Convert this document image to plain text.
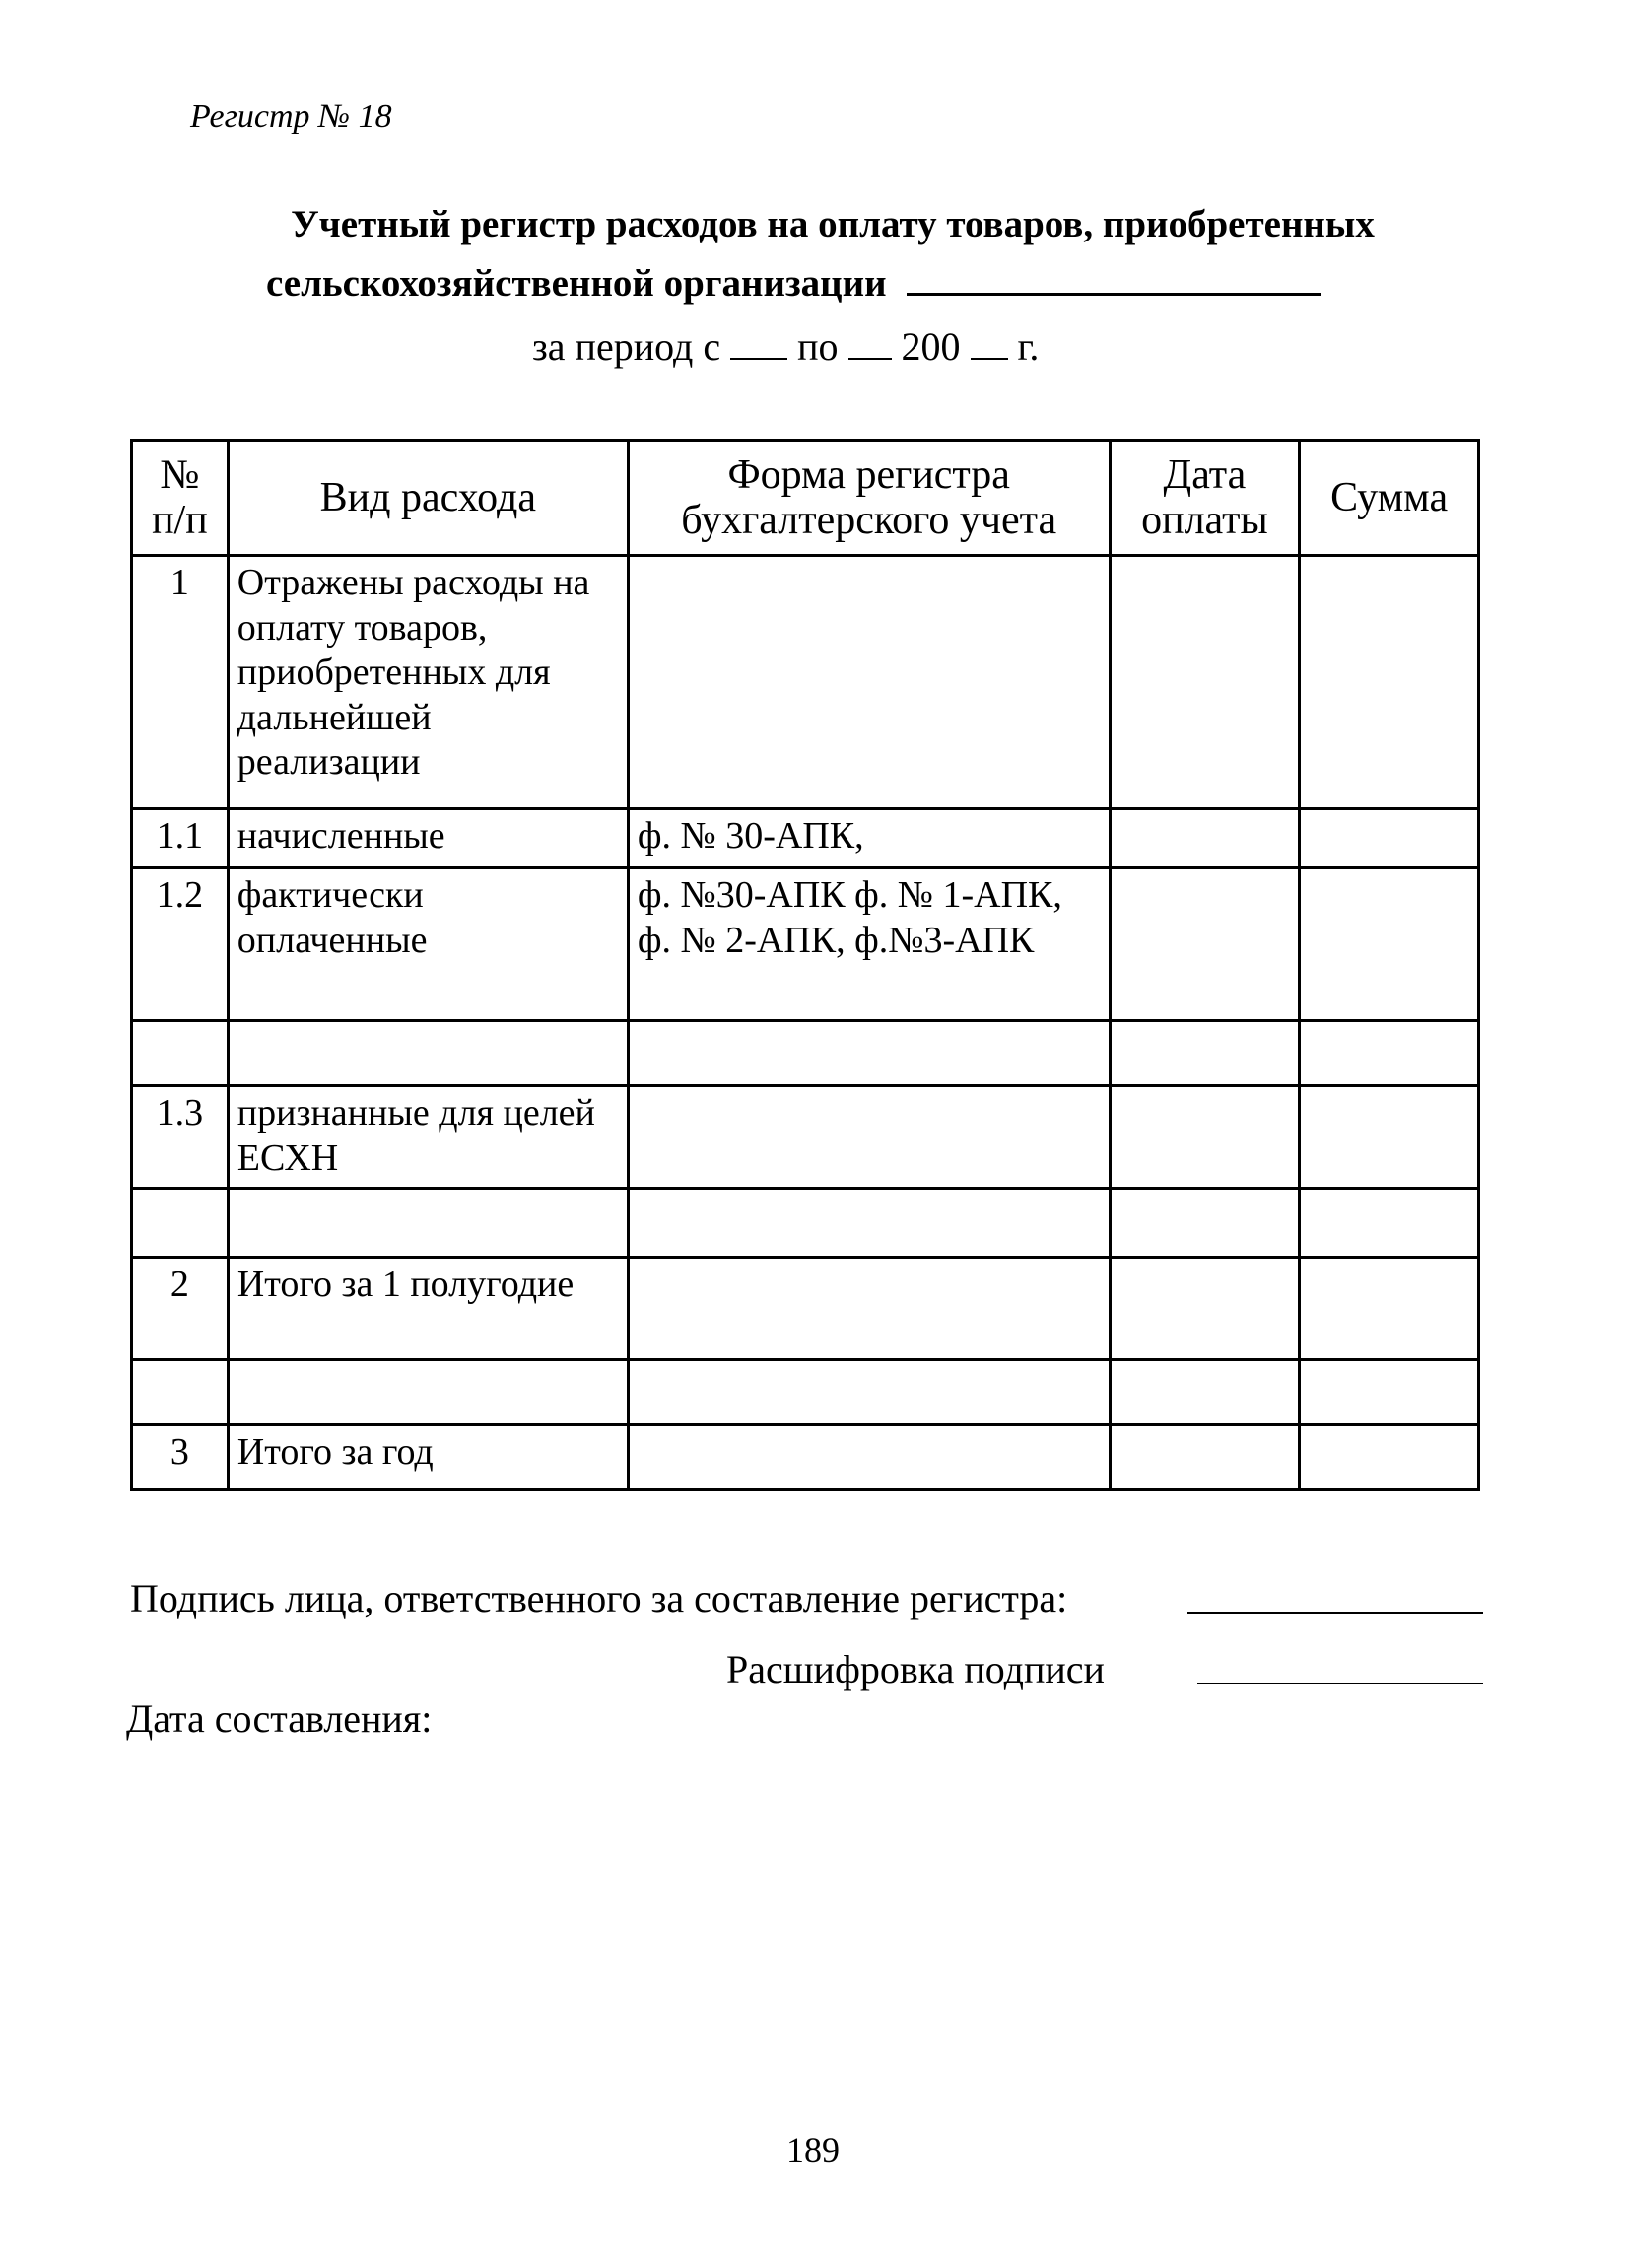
Регистр № 18
Учетный регистр расходов на оплату товаров, приобретенных
сельскохозяйственной организации
за период с по 200 г.
№ п/п	Вид расхода	Форма регистра бухгалтерского учета	Дата оплаты	Сумма
1	Отражены расходы на оплату товаров, приобретенных для дальнейшей реализации			
1.1	начисленные	ф. № 30-АПК,		
1.2	фактически оплаченные	ф. №30-АПК ф. № 1-АПК, ф. № 2-АПК, ф.№3-АПК		

1.3	признанные для целей ЕСХН			

2	Итого за 1 полугодие			

3	Итого за год			
Подпись лица, ответственного за составление регистра:
Расшифровка подписи
Дата составления:
189
